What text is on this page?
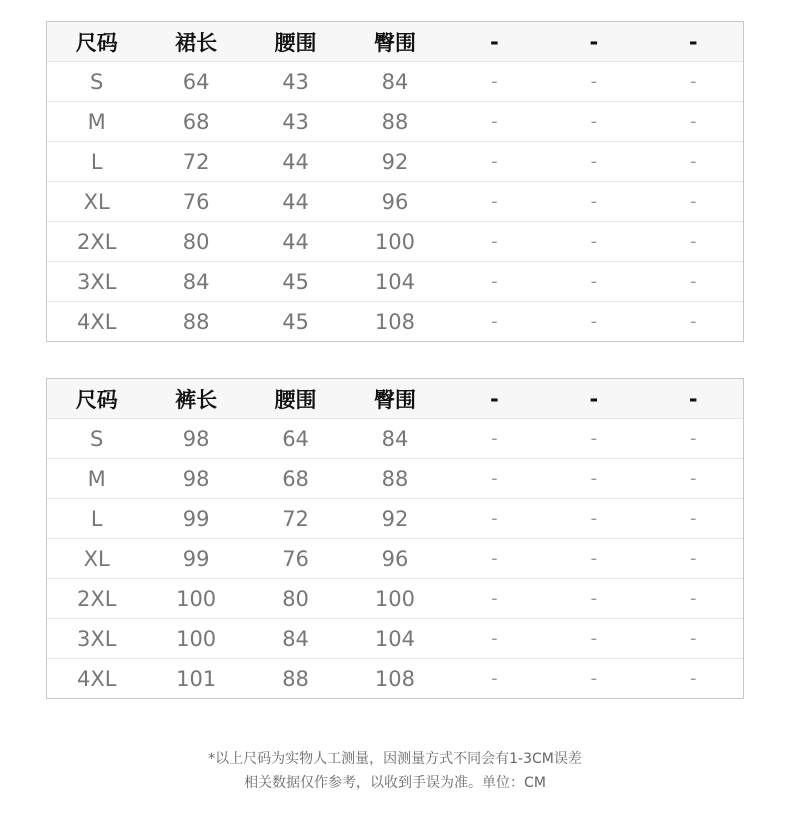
尺码	裙长	腰围	臀围	-	-	-
S	64	43	84	-	-	-
M	68	43	88	-	-	-
L	72	44	92	-	-	-
XL	76	44	96	-	-	-
2XL	80	44	100	-	-	-
3XL	84	45	104	-	-	-
4XL	88	45	108	-	-	-
尺码	裤长	腰围	臀围	-	-	-
S	98	64	84	-	-	-
M	98	68	88	-	-	-
L	99	72	92	-	-	-
XL	99	76	96	-	-	-
2XL	100	80	100	-	-	-
3XL	100	84	104	-	-	-
4XL	101	88	108	-	-	-
*以上尺码为实物人工测量，因测量方式不同会有1-3CM误差
相关数据仅作参考，以收到手误为准。单位：CM
